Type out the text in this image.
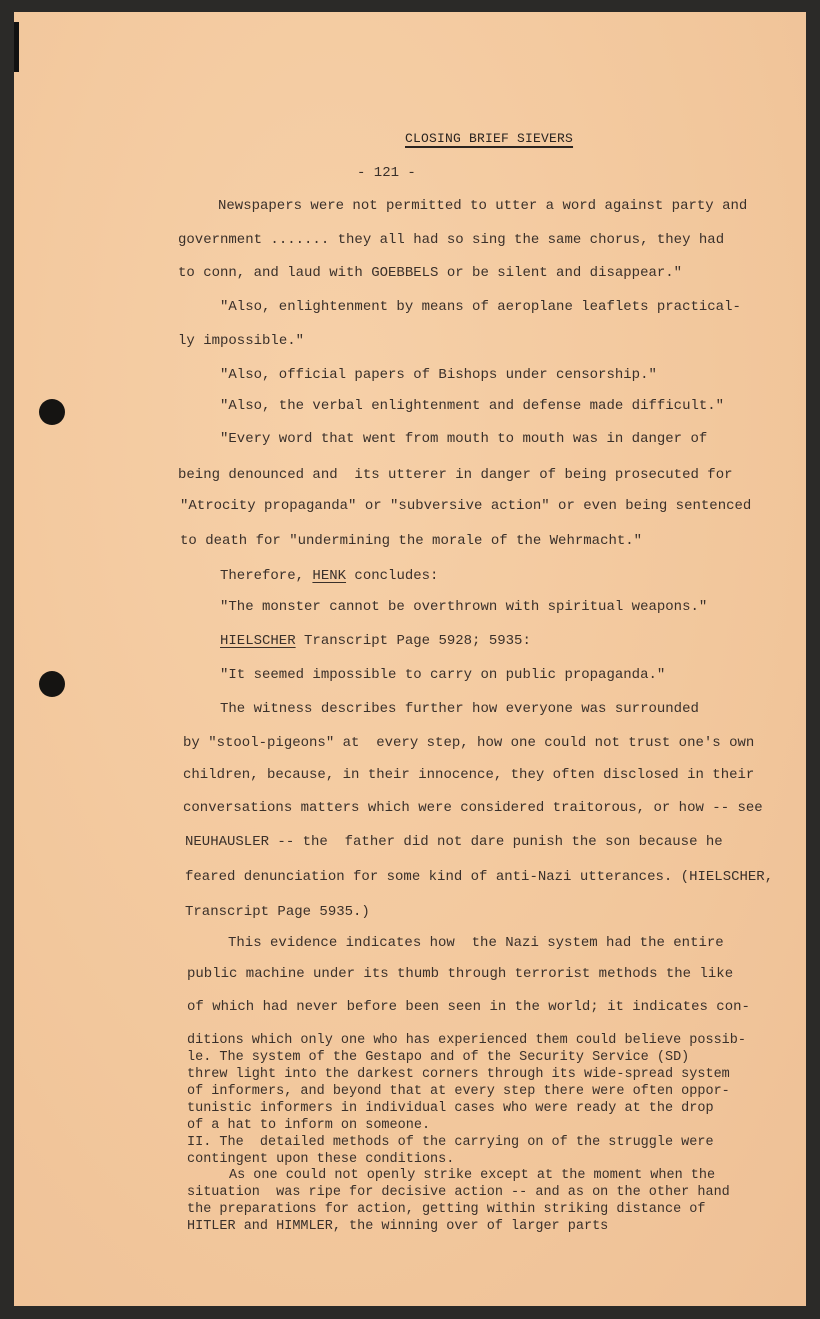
CLOSING BRIEF SIEVERS
- 121 -
Newspapers were not permitted to utter a word against party and
government ....... they all had so sing the same chorus, they had
to conn, and laud with GOEBBELS or be silent and disappear."
"Also, enlightenment by means of aeroplane leaflets practical-
ly impossible."
"Also, official papers of Bishops under censorship."
"Also, the verbal enlightenment and defense made difficult."
"Every word that went from mouth to mouth was in danger of
being denounced and  its utterer in danger of being prosecuted for
"Atrocity propaganda" or "subversive action" or even being sentenced
to death for "undermining the morale of the Wehrmacht."
Therefore, HENK concludes:
"The monster cannot be overthrown with spiritual weapons."
HIELSCHER Transcript Page 5928; 5935:
"It seemed impossible to carry on public propaganda."
The witness describes further how everyone was surrounded
by "stool-pigeons" at  every step, how one could not trust one's own
children, because, in their innocence, they often disclosed in their
conversations matters which were considered traitorous, or how -- see
NEUHAUSLER -- the  father did not dare punish the son because he
feared denunciation for some kind of anti-Nazi utterances. (HIELSCHER,
Transcript Page 5935.)
This evidence indicates how  the Nazi system had the entire
public machine under its thumb through terrorist methods the like
of which had never before been seen in the world; it indicates con-
ditions which only one who has experienced them could believe possib-
le. The system of the Gestapo and of the Security Service (SD)
threw light into the darkest corners through its wide-spread system
of informers, and beyond that at every step there were often oppor-
tunistic informers in individual cases who were ready at the drop
of a hat to inform on someone.
II. The  detailed methods of the carrying on of the struggle were
contingent upon these conditions.
As one could not openly strike except at the moment when the
situation  was ripe for decisive action -- and as on the other hand
the preparations for action, getting within striking distance of
HITLER and HIMMLER, the winning over of larger parts
